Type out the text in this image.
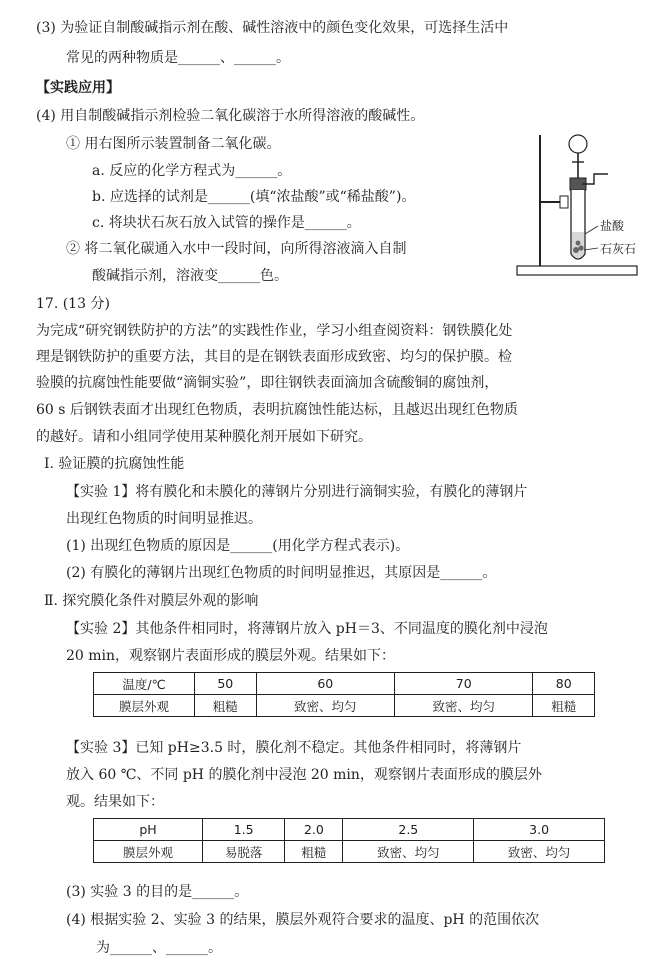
(3) 为验证自制酸碱指示剂在酸、碱性溶液中的颜色变化效果，可选择生活中
常见的两种物质是______、______。
【实践应用】
(4) 用自制酸碱指示剂检验二氧化碳溶于水所得溶液的酸碱性。
① 用右图所示装置制备二氧化碳。
a. 反应的化学方程式为______。
b. 应选择的试剂是______(填“浓盐酸”或“稀盐酸”)。
c. 将块状石灰石放入试管的操作是______。
② 将二氧化碳通入水中一段时间，向所得溶液滴入自制
酸碱指示剂，溶液变______色。
盐酸
石灰石
17. (13 分)
为完成“研究钢铁防护的方法”的实践性作业，学习小组查阅资料：钢铁膜化处
理是钢铁防护的重要方法，其目的是在钢铁表面形成致密、均匀的保护膜。检
验膜的抗腐蚀性能要做“滴铜实验”，即往钢铁表面滴加含硫酸铜的腐蚀剂，
60 s 后钢铁表面才出现红色物质，表明抗腐蚀性能达标，且越迟出现红色物质
的越好。请和小组同学使用某种膜化剂开展如下研究。
Ⅰ. 验证膜的抗腐蚀性能
【实验 1】将有膜化和未膜化的薄钢片分别进行滴铜实验，有膜化的薄钢片
出现红色物质的时间明显推迟。
(1) 出现红色物质的原因是______(用化学方程式表示)。
(2) 有膜化的薄钢片出现红色物质的时间明显推迟，其原因是______。
Ⅱ. 探究膜化条件对膜层外观的影响
【实验 2】其他条件相同时，将薄钢片放入 pH＝3、不同温度的膜化剂中浸泡
20 min，观察钢片表面形成的膜层外观。结果如下：
温度/℃	50	60	70	80
膜层外观	粗糙	致密、均匀	致密、均匀	粗糙
【实验 3】已知 pH≥3.5 时，膜化剂不稳定。其他条件相同时，将薄钢片
放入 60 ℃、不同 pH 的膜化剂中浸泡 20 min，观察钢片表面形成的膜层外
观。结果如下：
pH	1.5	2.0	2.5	3.0
膜层外观	易脱落	粗糙	致密、均匀	致密、均匀
(3) 实验 3 的目的是______。
(4) 根据实验 2、实验 3 的结果，膜层外观符合要求的温度、pH 的范围依次
为______、______。
